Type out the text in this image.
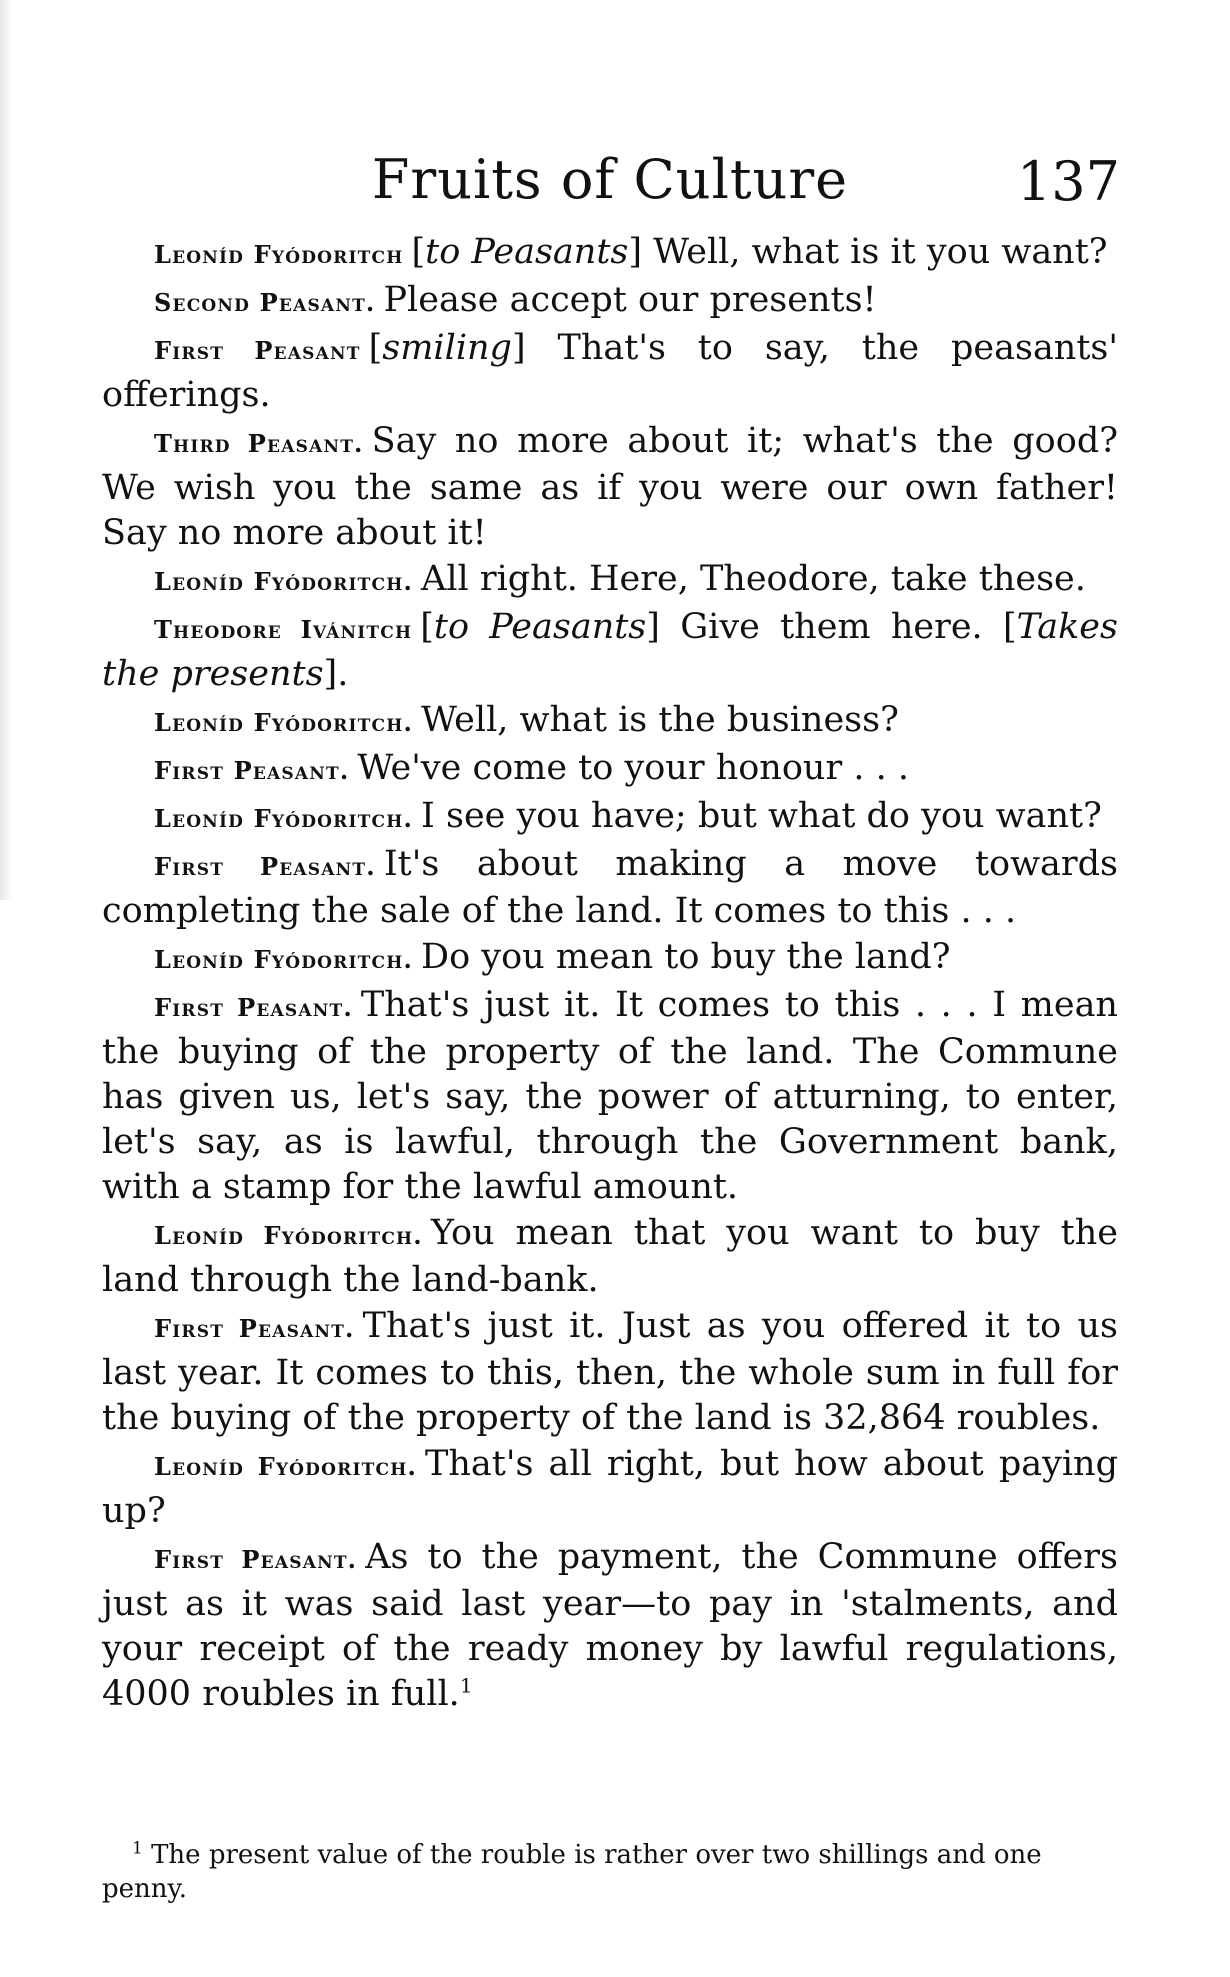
Fruits of Culture	137

Leoníd Fyódoritch [to Peasants] Well, what is it you want?

Second Peasant. Please accept our presents!

First Peasant [smiling] That's to say, the peasants' offerings.

Third Peasant. Say no more about it; what's the good? We wish you the same as if you were our own father! Say no more about it!

Leoníd Fyódoritch. All right. Here, Theodore, take these.

Theodore Ivánitch [to Peasants] Give them here. [Takes the presents].

Leoníd Fyódoritch. Well, what is the business?

First Peasant. We've come to your honour . . .

Leoníd Fyódoritch. I see you have; but what do you want?

First Peasant. It's about making a move towards completing the sale of the land. It comes to this . . .

Leoníd Fyódoritch. Do you mean to buy the land?

First Peasant. That's just it. It comes to this . . . I mean the buying of the property of the land. The Commune has given us, let's say, the power of atturning, to enter, let's say, as is lawful, through the Government bank, with a stamp for the lawful amount.

Leoníd Fyódoritch. You mean that you want to buy the land through the land-bank.

First Peasant. That's just it. Just as you offered it to us last year. It comes to this, then, the whole sum in full for the buying of the property of the land is 32,864 roubles.

Leoníd Fyódoritch. That's all right, but how about paying up?

First Peasant. As to the payment, the Commune offers just as it was said last year—to pay in 'stalments, and your receipt of the ready money by lawful regulations, 4000 roubles in full.$^1$

$^1$ The present value of the rouble is rather over two shillings and one penny.
